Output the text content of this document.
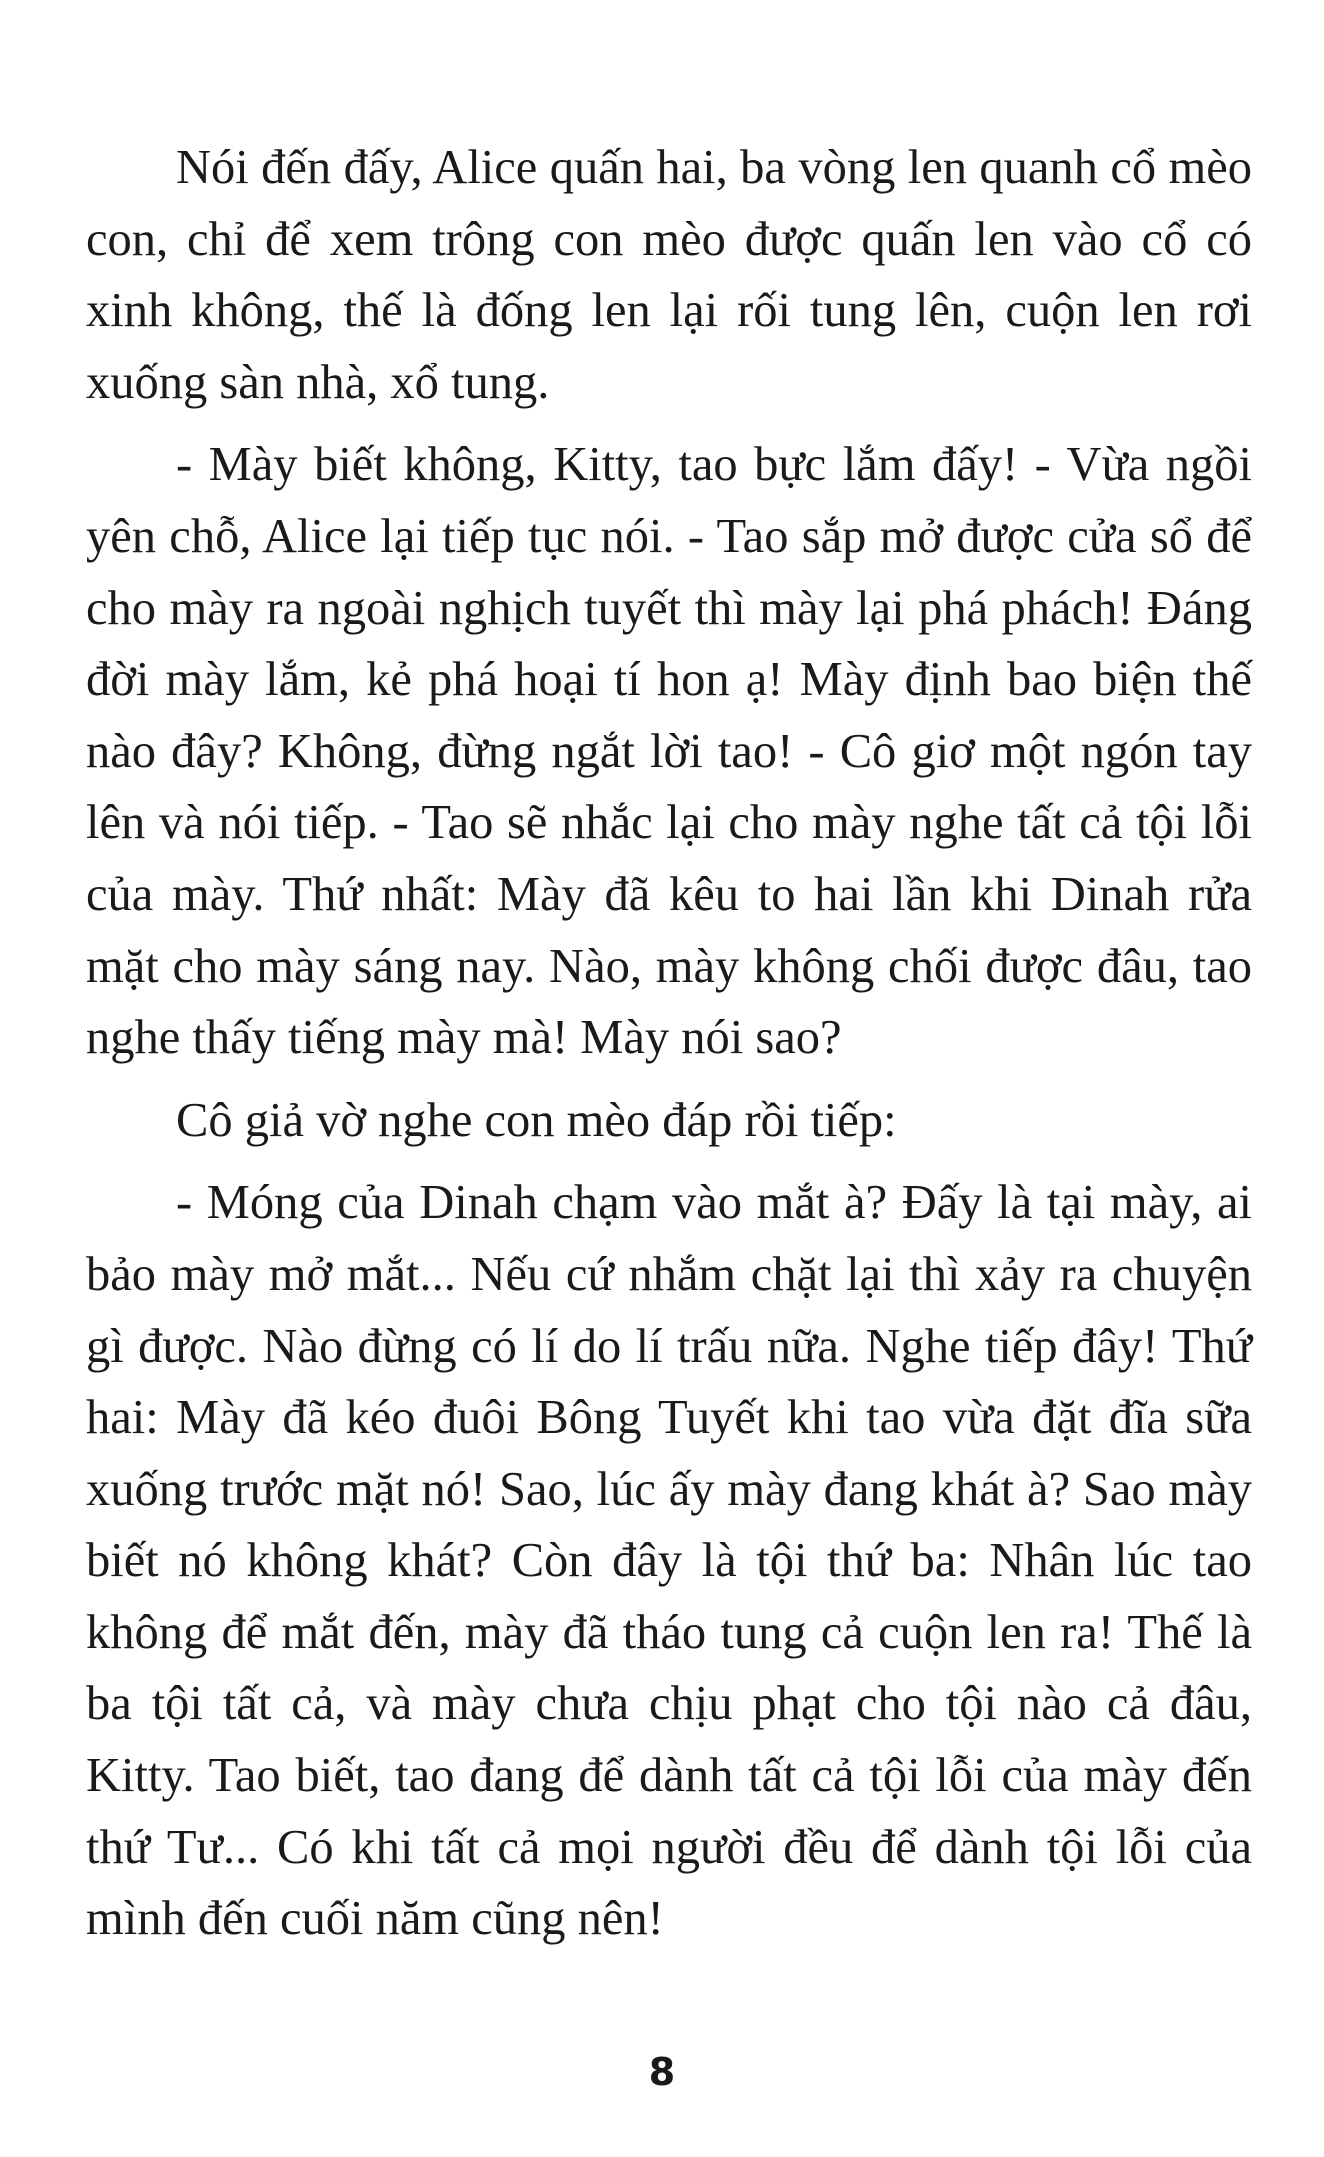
Nói đến đấy, Alice quấn hai, ba vòng len quanh cổ mèo con, chỉ để xem trông con mèo được quấn len vào cổ có xinh không, thế là đống len lại rối tung lên, cuộn len rơi xuống sàn nhà, xổ tung.

- Mày biết không, Kitty, tao bực lắm đấy! - Vừa ngồi yên chỗ, Alice lại tiếp tục nói. - Tao sắp mở được cửa sổ để cho mày ra ngoài nghịch tuyết thì mày lại phá phách! Đáng đời mày lắm, kẻ phá hoại tí hon ạ! Mày định bao biện thế nào đây? Không, đừng ngắt lời tao! - Cô giơ một ngón tay lên và nói tiếp. - Tao sẽ nhắc lại cho mày nghe tất cả tội lỗi của mày. Thứ nhất: Mày đã kêu to hai lần khi Dinah rửa mặt cho mày sáng nay. Nào, mày không chối được đâu, tao nghe thấy tiếng mày mà! Mày nói sao?

Cô giả vờ nghe con mèo đáp rồi tiếp:

- Móng của Dinah chạm vào mắt à? Đấy là tại mày, ai bảo mày mở mắt... Nếu cứ nhắm chặt lại thì xảy ra chuyện gì được. Nào đừng có lí do lí trấu nữa. Nghe tiếp đây! Thứ hai: Mày đã kéo đuôi Bông Tuyết khi tao vừa đặt đĩa sữa xuống trước mặt nó! Sao, lúc ấy mày đang khát à? Sao mày biết nó không khát? Còn đây là tội thứ ba: Nhân lúc tao không để mắt đến, mày đã tháo tung cả cuộn len ra! Thế là ba tội tất cả, và mày chưa chịu phạt cho tội nào cả đâu, Kitty. Tao biết, tao đang để dành tất cả tội lỗi của mày đến thứ Tư... Có khi tất cả mọi người đều để dành tội lỗi của mình đến cuối năm cũng nên!

8
